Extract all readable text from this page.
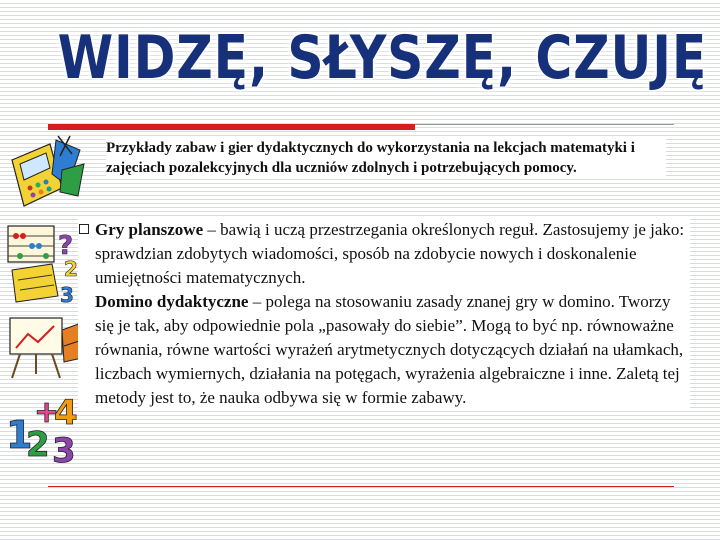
WIDZĘ, SŁYSZĘ, CZUJĘ
?
2
3
+
4
1
2 3
Przykłady zabaw i gier dydaktycznych do wykorzystania na lekcjach matematyki i zajęciach pozalekcyjnych dla uczniów zdolnych i potrzebujących pomocy.
Gry planszowe – bawią i uczą przestrzegania określonych reguł. Zastosujemy je jako: sprawdzian zdobytych wiadomości, sposób na zdobycie nowych i doskonalenie umiejętności matematycznych.
Domino dydaktyczne – polega na stosowaniu zasady znanej gry w domino. Tworzy się je tak, aby odpowiednie pola „pasowały do siebie”. Mogą to być np. równoważne równania, równe wartości wyrażeń arytmetycznych dotyczących działań na ułamkach, liczbach wymiernych, działania na potęgach, wyrażenia algebraiczne i inne. Zaletą tej metody jest to, że nauka odbywa się w formie zabawy.
